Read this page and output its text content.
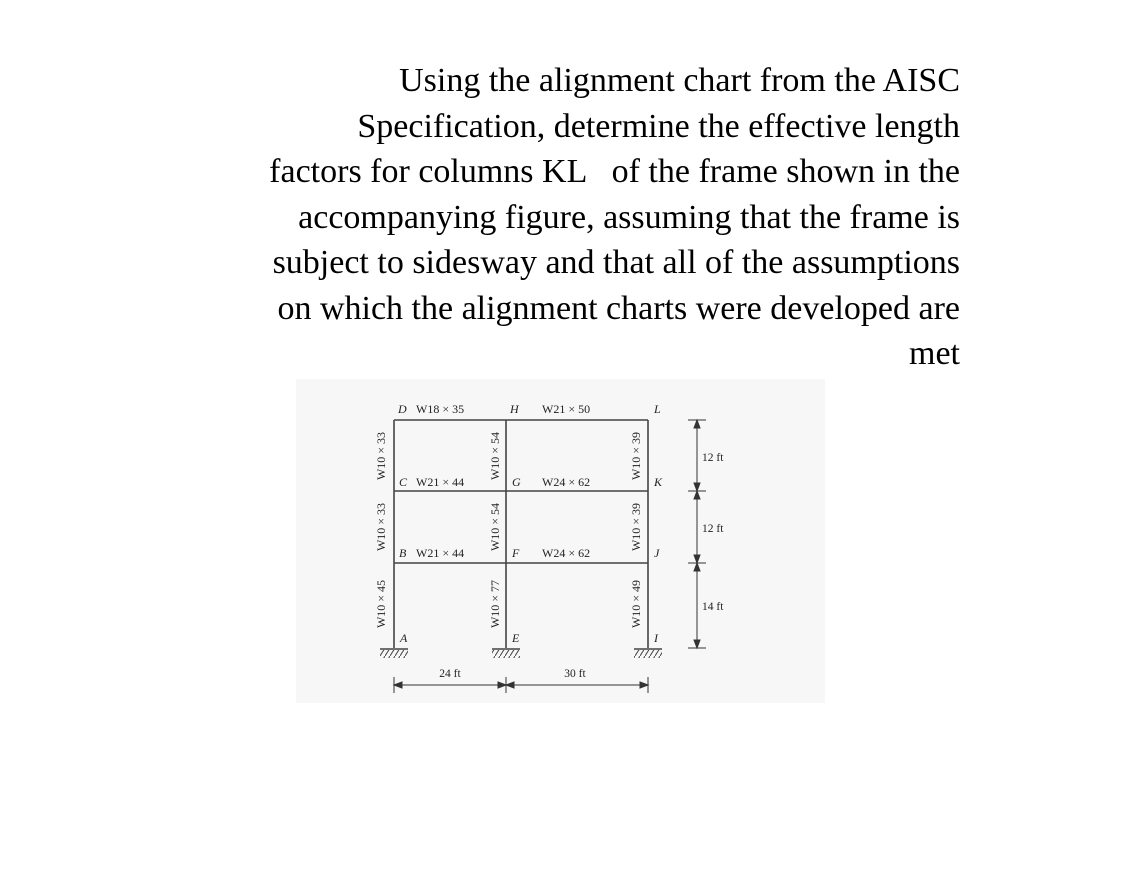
Using the alignment chart from the AISC
Specification, determine the effective length
factors for columns KL   of the frame shown in the
accompanying figure, assuming that the frame is
subject to sidesway and that all of the assumptions
on which the alignment charts were developed are
met
D	H	L
C	G	K
B	F	J
A	E	I
W18 × 35	W21 × 50
W21 × 44	W24 × 62
W21 × 44	W24 × 62
W10 × 33
W10 × 33
W10 × 45
W10 × 54
W10 × 54
W10 × 77
W10 × 39
W10 × 39
W10 × 49
12 ft
12 ft
14 ft
24 ft	30 ft
